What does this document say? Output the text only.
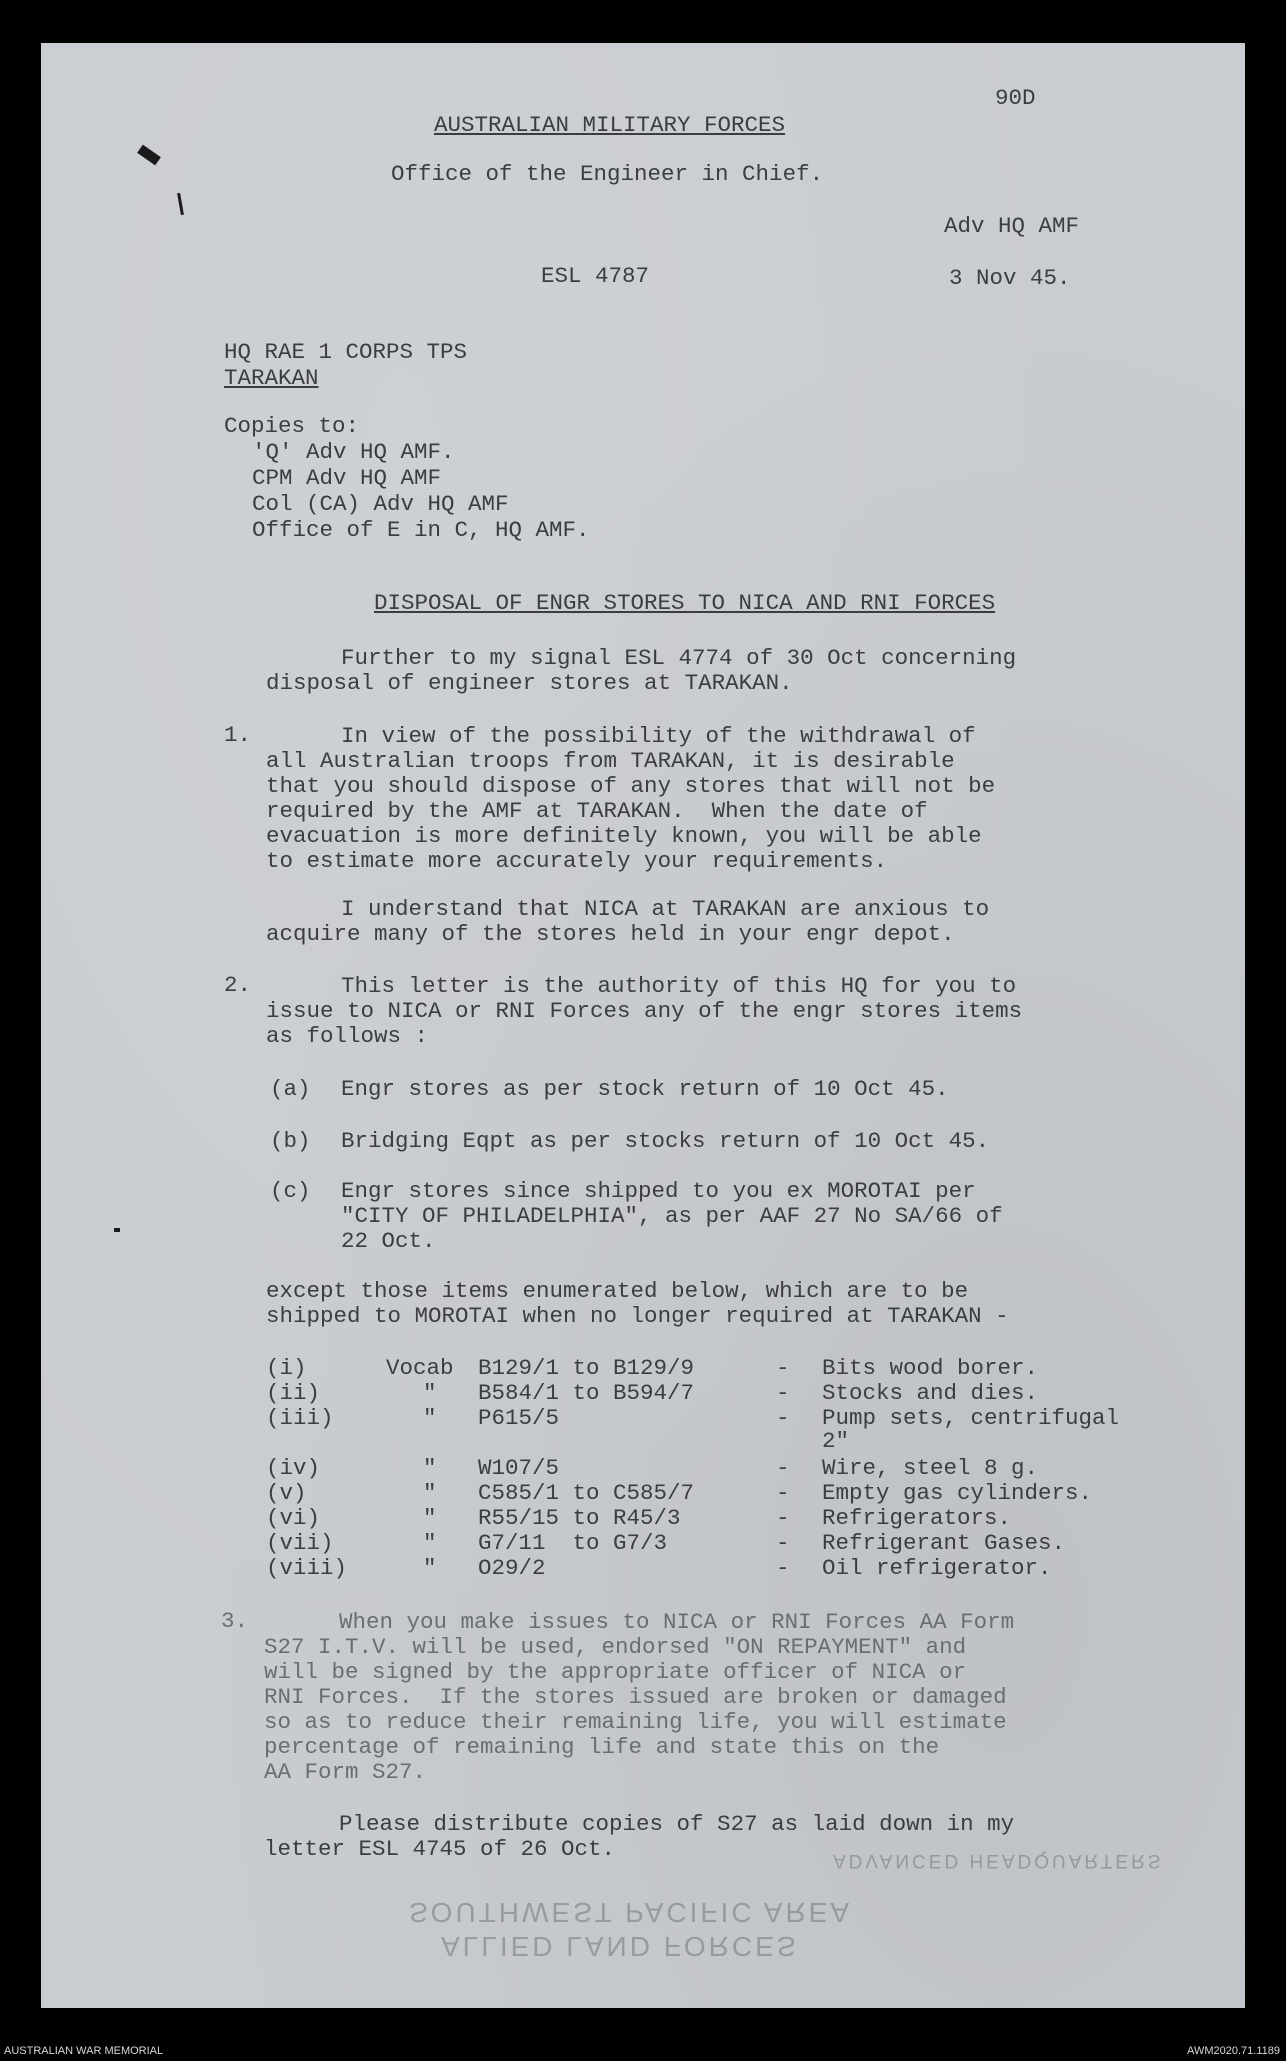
90D
AUSTRALIAN MILITARY FORCES
Office of the Engineer in Chief.
Adv HQ AMF
ESL 4787	3 Nov 45.
HQ RAE 1 CORPS TPS
TARAKAN
Copies to:
'Q' Adv HQ AMF.
CPM Adv HQ AMF
Col (CA) Adv HQ AMF
Office of E in C, HQ AMF.
DISPOSAL OF ENGR STORES TO NICA AND RNI FORCES
Further to my signal ESL 4774 of 30 Oct concerning
disposal of engineer stores at TARAKAN.
1.	In view of the possibility of the withdrawal of
all Australian troops from TARAKAN, it is desirable
that you should dispose of any stores that will not be
required by the AMF at TARAKAN.  When the date of
evacuation is more definitely known, you will be able
to estimate more accurately your requirements.
I understand that NICA at TARAKAN are anxious to
acquire many of the stores held in your engr depot.
2.	This letter is the authority of this HQ for you to
issue to NICA or RNI Forces any of the engr stores items
as follows :
(a) Engr stores as per stock return of 10 Oct 45.
(b) Bridging Eqpt as per stocks return of 10 Oct 45.
(c) Engr stores since shipped to you ex MOROTAI per
"CITY OF PHILADELPHIA", as per AAF 27 No SA/66 of
22 Oct.
except those items enumerated below, which are to be
shipped to MOROTAI when no longer required at TARAKAN -
(i)	Vocab B129/1 to B129/9	- Bits wood borer.
(ii)	" B584/1 to B594/7	- Stocks and dies.
(iii)	" P615/5	- Pump sets, centrifugal
2"
(iv)	" W107/5	- Wire, steel 8 g.
(v)	" C585/1 to C585/7	- Empty gas cylinders.
(vi)	" R55/15 to R45/3	- Refrigerators.
(vii)	" G7/11  to G7/3	- Refrigerant Gases.
(viii)	" O29/2	- Oil refrigerator.
3.	When you make issues to NICA or RNI Forces AA Form
S27 I.T.V. will be used, endorsed "ON REPAYMENT" and
will be signed by the appropriate officer of NICA or
RNI Forces.  If the stores issued are broken or damaged
so as to reduce their remaining life, you will estimate
percentage of remaining life and state this on the
AA Form S27.
Please distribute copies of S27 as laid down in my
letter ESL 4745 of 26 Oct.	ADVANCED HEADQUARTERS
SOUTHWEST PACIFIC AREA
ALLIED LAND FORCES
AUSTRALIAN WAR MEMORIAL	AWM2020.71.1189
